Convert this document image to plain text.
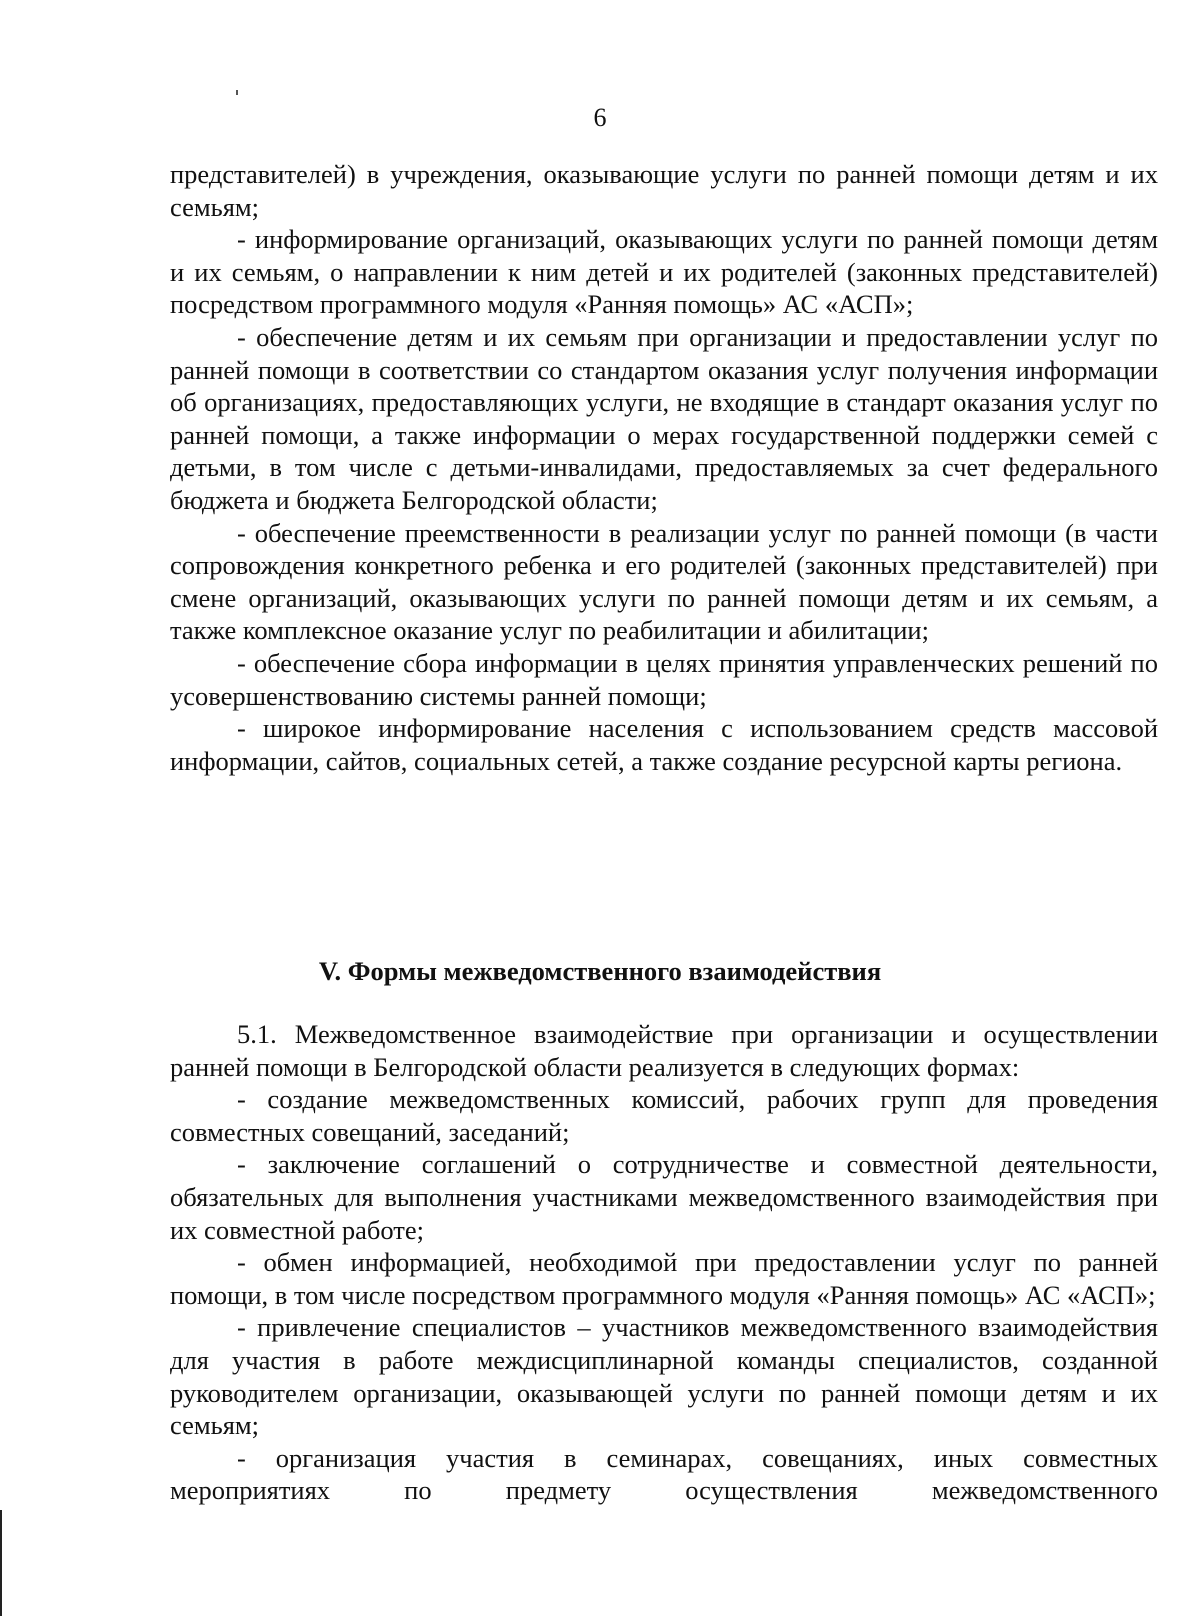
6

представителей) в учреждения, оказывающие услуги по ранней помощи детям и их семьям;

- информирование организаций, оказывающих услуги по ранней помощи детям и их семьям, о направлении к ним детей и их родителей (законных представителей) посредством программного модуля «Ранняя помощь» АС «АСП»;

- обеспечение детям и их семьям при организации и предоставлении услуг по ранней помощи в соответствии со стандартом оказания услуг получения информации об организациях, предоставляющих услуги, не входящие в стандарт оказания услуг по ранней помощи, а также информации о мерах государственной поддержки семей с детьми, в том числе с детьми-инвалидами, предоставляемых за счет федерального бюджета и бюджета Белгородской области;

- обеспечение преемственности в реализации услуг по ранней помощи (в части сопровождения конкретного ребенка и его родителей (законных представителей) при смене организаций, оказывающих услуги по ранней помощи детям и их семьям, а также комплексное оказание услуг по реабилитации и абилитации;

- обеспечение сбора информации в целях принятия управленческих решений по усовершенствованию системы ранней помощи;

- широкое информирование населения с использованием средств массовой информации, сайтов, социальных сетей, а также создание ресурсной карты региона.

V. Формы межведомственного взаимодействия

5.1. Межведомственное взаимодействие при организации и осуществлении ранней помощи в Белгородской области реализуется в следующих формах:

- создание межведомственных комиссий, рабочих групп для проведения совместных совещаний, заседаний;

- заключение соглашений о сотрудничестве и совместной деятельности, обязательных для выполнения участниками межведомственного взаимодействия при их совместной работе;

- обмен информацией, необходимой при предоставлении услуг по ранней помощи, в том числе посредством программного модуля «Ранняя помощь» АС «АСП»;

- привлечение специалистов – участников межведомственного взаимодействия для участия в работе междисциплинарной команды специалистов, созданной руководителем организации, оказывающей услуги по ранней помощи детям и их семьям;

- организация участия в семинарах, совещаниях, иных совместных мероприятиях по предмету осуществления межведомственного
